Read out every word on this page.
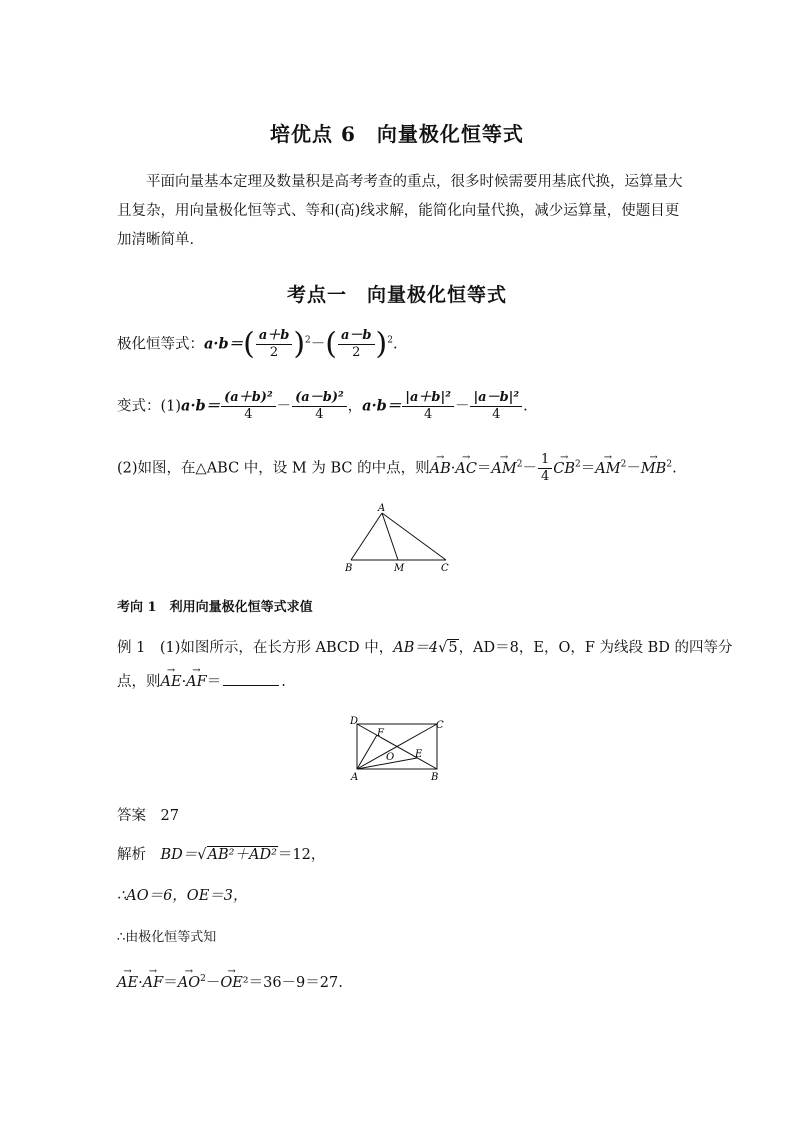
培优点 6　向量极化恒等式
平面向量基本定理及数量积是高考考查的重点，很多时候需要用基底代换，运算量大且复杂，用向量极化恒等式、等和(高)线求解，能简化向量代换，减少运算量，使题目更加清晰简单．
考点一　向量极化恒等式
极化恒等式：$a\cdot b=( \frac{a+b}{2} )^2-( \frac{a-b}{2} )^2$.
变式：$(1)a\cdot b= \frac{\text{(a＋b)²}}{4} - \frac{\text{(a－b)²}}{4}$ ，$a\cdot b= \frac{\text{|a＋b|²}}{4} - \frac{\text{|a－b|²}}{4}$ .
(2)如图，在△ABC 中，设 M 为 BC 的中点，则→ $AB\cdot\to AC=\to AM^2- \frac{1}{4}$
→ $CB^2=\to AM^2-\to MB^2$.
A
B	M	C
考向 1　利用向量极化恒等式求值
例 1　(1)如图所示，在长方形 ABCD 中，AB＝4√5，AD＝8，E，O，F 为线段 BD 的四等分
点，则→ AE·→ AF＝	.
D	C
A	B
F
O E
答案　 27
解析　 BD＝√AB²＋AD²＝12，
∴AO＝6，OE＝3，
∴由极化恒等式知
→ $AE\cdot\to AF=\to AO^2-\to OE^2=36-9=27$.
